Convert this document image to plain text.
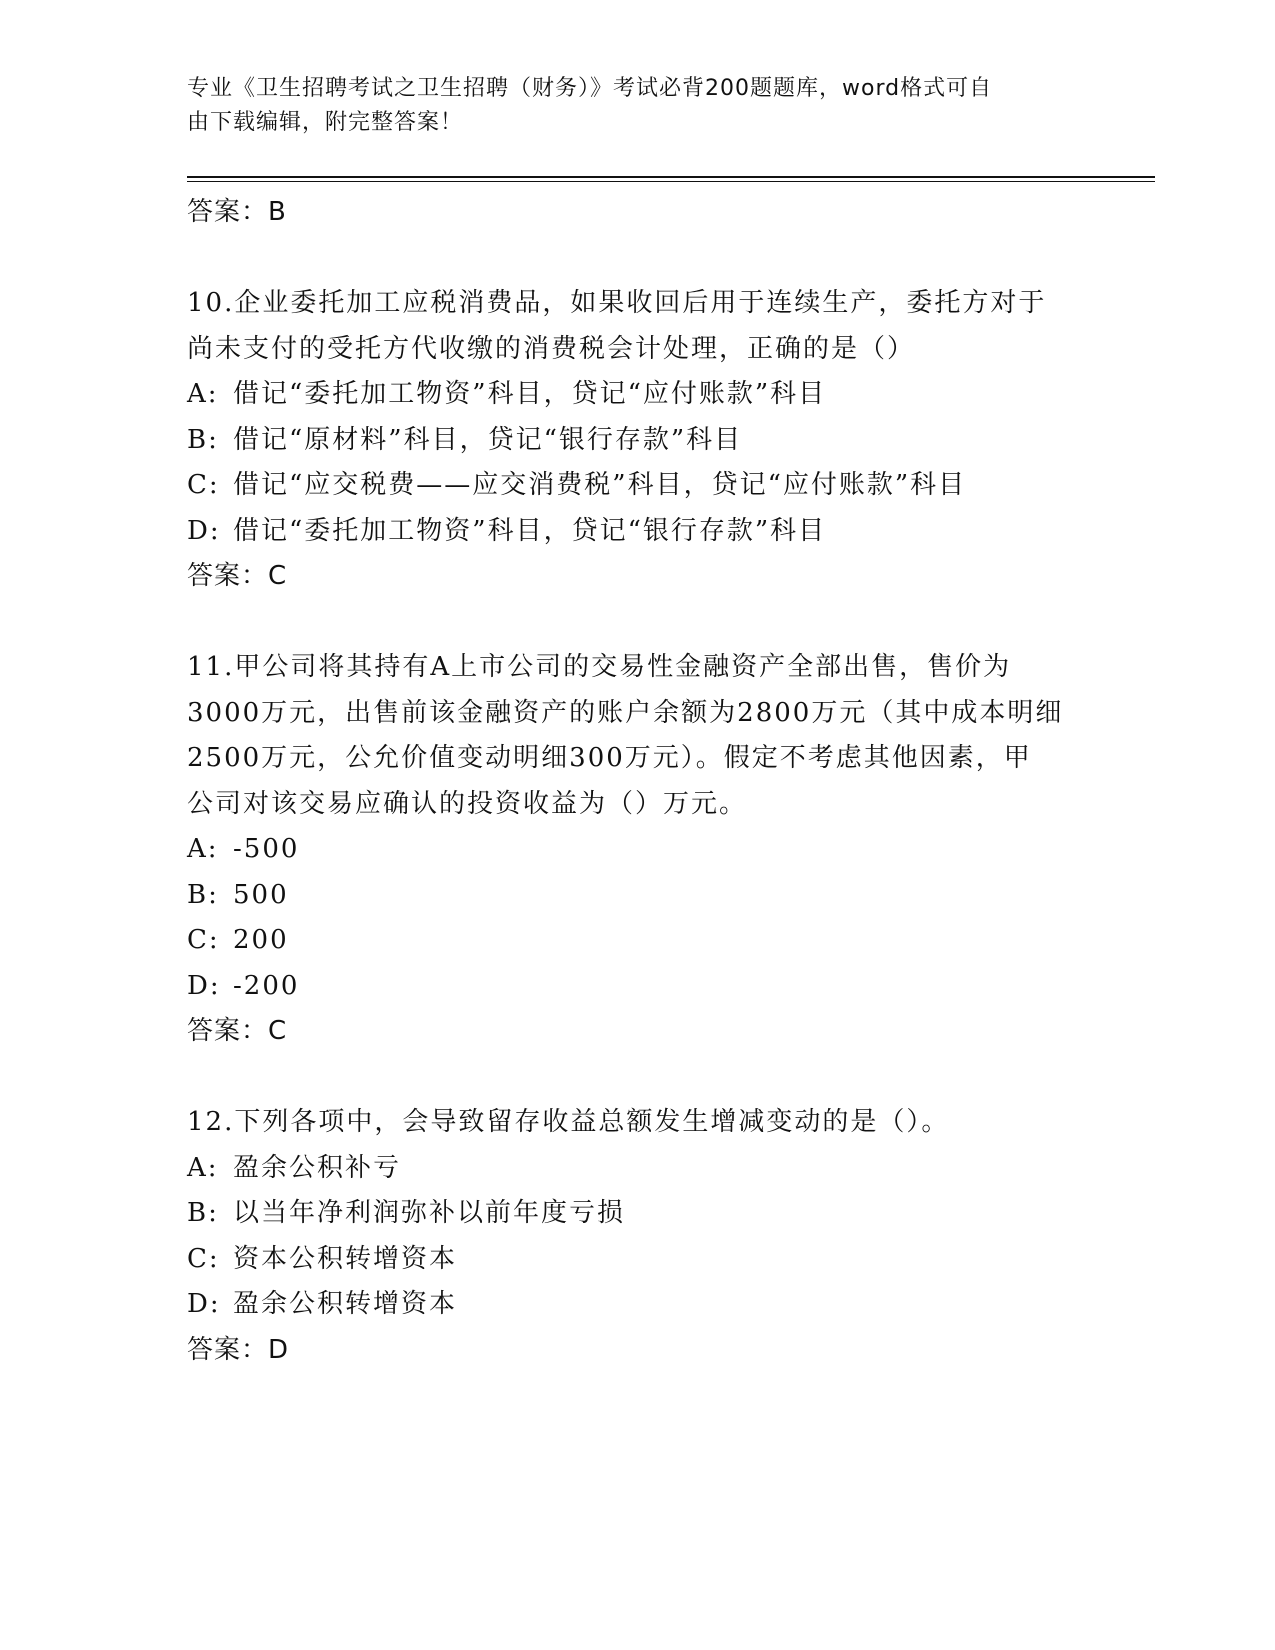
专业《卫生招聘考试之卫生招聘（财务）》考试必背200题题库，word格式可自
由下载编辑，附完整答案！
答案：B
10.企业委托加工应税消费品，如果收回后用于连续生产，委托方对于
尚未支付的受托方代收缴的消费税会计处理，正确的是（）
A: 借记“委托加工物资”科目，贷记“应付账款”科目
B: 借记“原材料”科目，贷记“银行存款”科目
C: 借记“应交税费——应交消费税”科目，贷记“应付账款”科目
D: 借记“委托加工物资”科目，贷记“银行存款”科目
答案：C
11.甲公司将其持有A上市公司的交易性金融资产全部出售，售价为
3000万元，出售前该金融资产的账户余额为2800万元（其中成本明细
2500万元，公允价值变动明细300万元）。假定不考虑其他因素，甲
公司对该交易应确认的投资收益为（）万元。
A: -500
B: 500
C: 200
D: -200
答案：C
12.下列各项中，会导致留存收益总额发生增减变动的是（）。
A: 盈余公积补亏
B: 以当年净利润弥补以前年度亏损
C: 资本公积转增资本
D: 盈余公积转增资本
答案：D
